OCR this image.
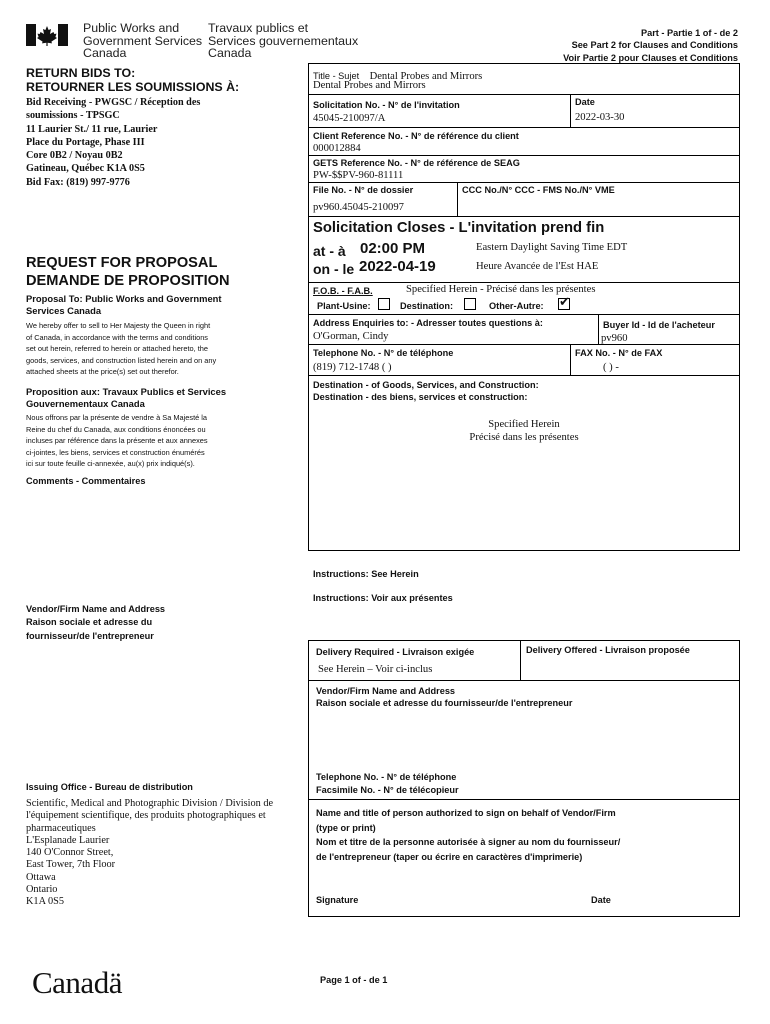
Public Works and
Government Services
Canada
Travaux publics et
Services gouvernementaux
Canada
Part - Partie 1 of - de 2
See Part 2 for Clauses and Conditions
Voir Partie 2 pour Clauses et Conditions
RETURN BIDS TO:
RETOURNER LES SOUMISSIONS À:
Bid Receiving - PWGSC / Réception des
soumissions - TPSGC
11 Laurier St./ 11 rue, Laurier
Place du Portage, Phase III
Core 0B2 / Noyau 0B2
Gatineau, Québec K1A 0S5
Bid Fax: (819) 997-9776
REQUEST FOR PROPOSAL
DEMANDE DE PROPOSITION
Proposal To: Public Works and Government
Services Canada
We hereby offer to sell to Her Majesty the Queen in right
of Canada, in accordance with the terms and conditions
set out herein, referred to herein or attached hereto, the
goods, services, and construction listed herein and on any
attached sheets at the price(s) set out therefor.
Proposition aux: Travaux Publics et Services
Gouvernementaux Canada
Nous offrons par la présente de vendre à Sa Majesté la
Reine du chef du Canada, aux conditions énoncées ou
incluses par référence dans la présente et aux annexes
ci-jointes, les biens, services et construction énumérés
ici sur toute feuille ci-annexée, au(x) prix indiqué(s).
Comments - Commentaires
Vendor/Firm Name and Address
Raison sociale et adresse du
fournisseur/de l'entrepreneur
Issuing Office - Bureau de distribution
Scientific, Medical and Photographic Division / Division de
l'équipement scientifique, des produits photographiques et
pharmaceutiques
L'Esplanade Laurier
140 O'Connor Street,
East Tower, 7th Floor
Ottawa
Ontario
K1A 0S5
Title - Sujet Dental Probes and Mirrors
Dental Probes and Mirrors
Solicitation No. - N° de l'invitation
45045-210097/A
Date
2022-03-30
Client Reference No. - N° de référence du client
000012884
GETS Reference No. - N° de référence de SEAG
PW-$$PV-960-81111
File No. - N° de dossier
pv960.45045-210097
CCC No./N° CCC - FMS No./N° VME
Solicitation Closes - L'invitation prend fin
at - à 02:00 PM
on - le 2022-04-19
Eastern Daylight Saving Time EDT
Heure Avancée de l'Est HAE
F.O.B. - F.A.B.	Specified Herein - Précisé dans les présentes
Plant-Usine:	Destination:	Other-Autre: ✔
Address Enquiries to: - Adresser toutes questions à:
O'Gorman, Cindy
Buyer Id - Id de l'acheteur
pv960
Telephone No. - N° de téléphone
(819) 712-1748 ( )
FAX No. - N° de FAX
( ) -
Destination - of Goods, Services, and Construction:
Destination - des biens, services et construction:
Specified Herein
Précisé dans les présentes
Instructions: See Herein
Instructions: Voir aux présentes
Delivery Required - Livraison exigée
See Herein – Voir ci-inclus
Delivery Offered - Livraison proposée
Vendor/Firm Name and Address
Raison sociale et adresse du fournisseur/de l'entrepreneur
Telephone No. - N° de téléphone
Facsimile No. - N° de télécopieur
Name and title of person authorized to sign on behalf of Vendor/Firm
(type or print)
Nom et titre de la personne autorisée à signer au nom du fournisseur/
de l'entrepreneur (taper ou écrire en caractères d'imprimerie)
Signature	Date
Canadä	Page 1 of - de 1
